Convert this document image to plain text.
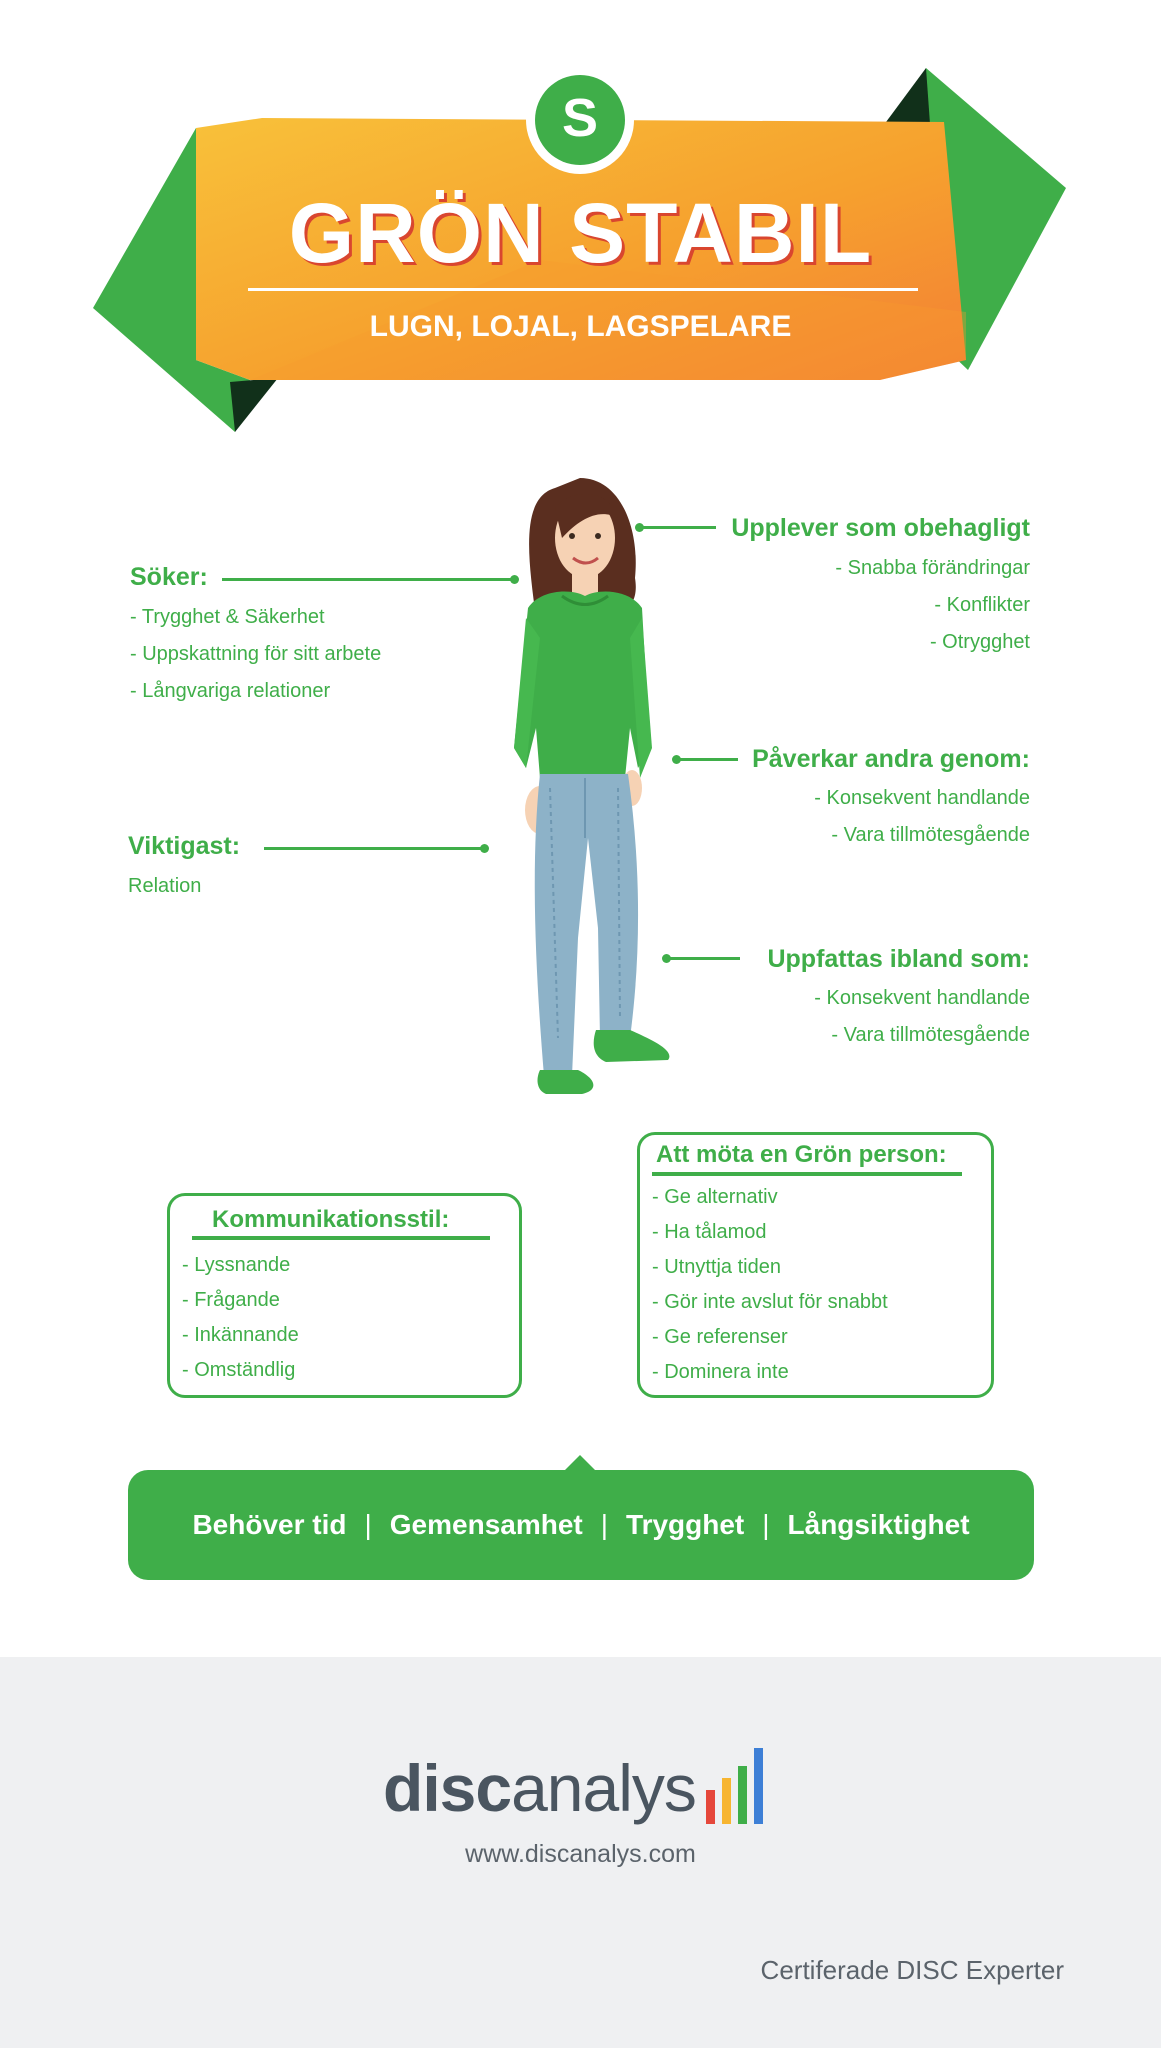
S
GRÖN STABIL
LUGN, LOJAL, LAGSPELARE
Söker:
- Trygghet & Säkerhet
- Uppskattning för sitt arbete
- Långvariga relationer
Viktigast:
Relation
Upplever som obehagligt
- Snabba förändringar
- Konflikter
- Otrygghet
Påverkar andra genom:
- Konsekvent handlande
- Vara tillmötesgående
Uppfattas ibland som:
- Konsekvent handlande
- Vara tillmötesgående
Kommunikationsstil:
- Lyssnande
- Frågande
- Inkännande
- Omständlig
Att möta en Grön person:
- Ge alternativ
- Ha tålamod
- Utnyttja tiden
- Gör inte avslut för snabbt
- Ge referenser
- Dominera inte
Behöver tid | Gemensamhet | Trygghet | Långsiktighet
discanalys
www.discanalys.com
Certiferade DISC Experter
